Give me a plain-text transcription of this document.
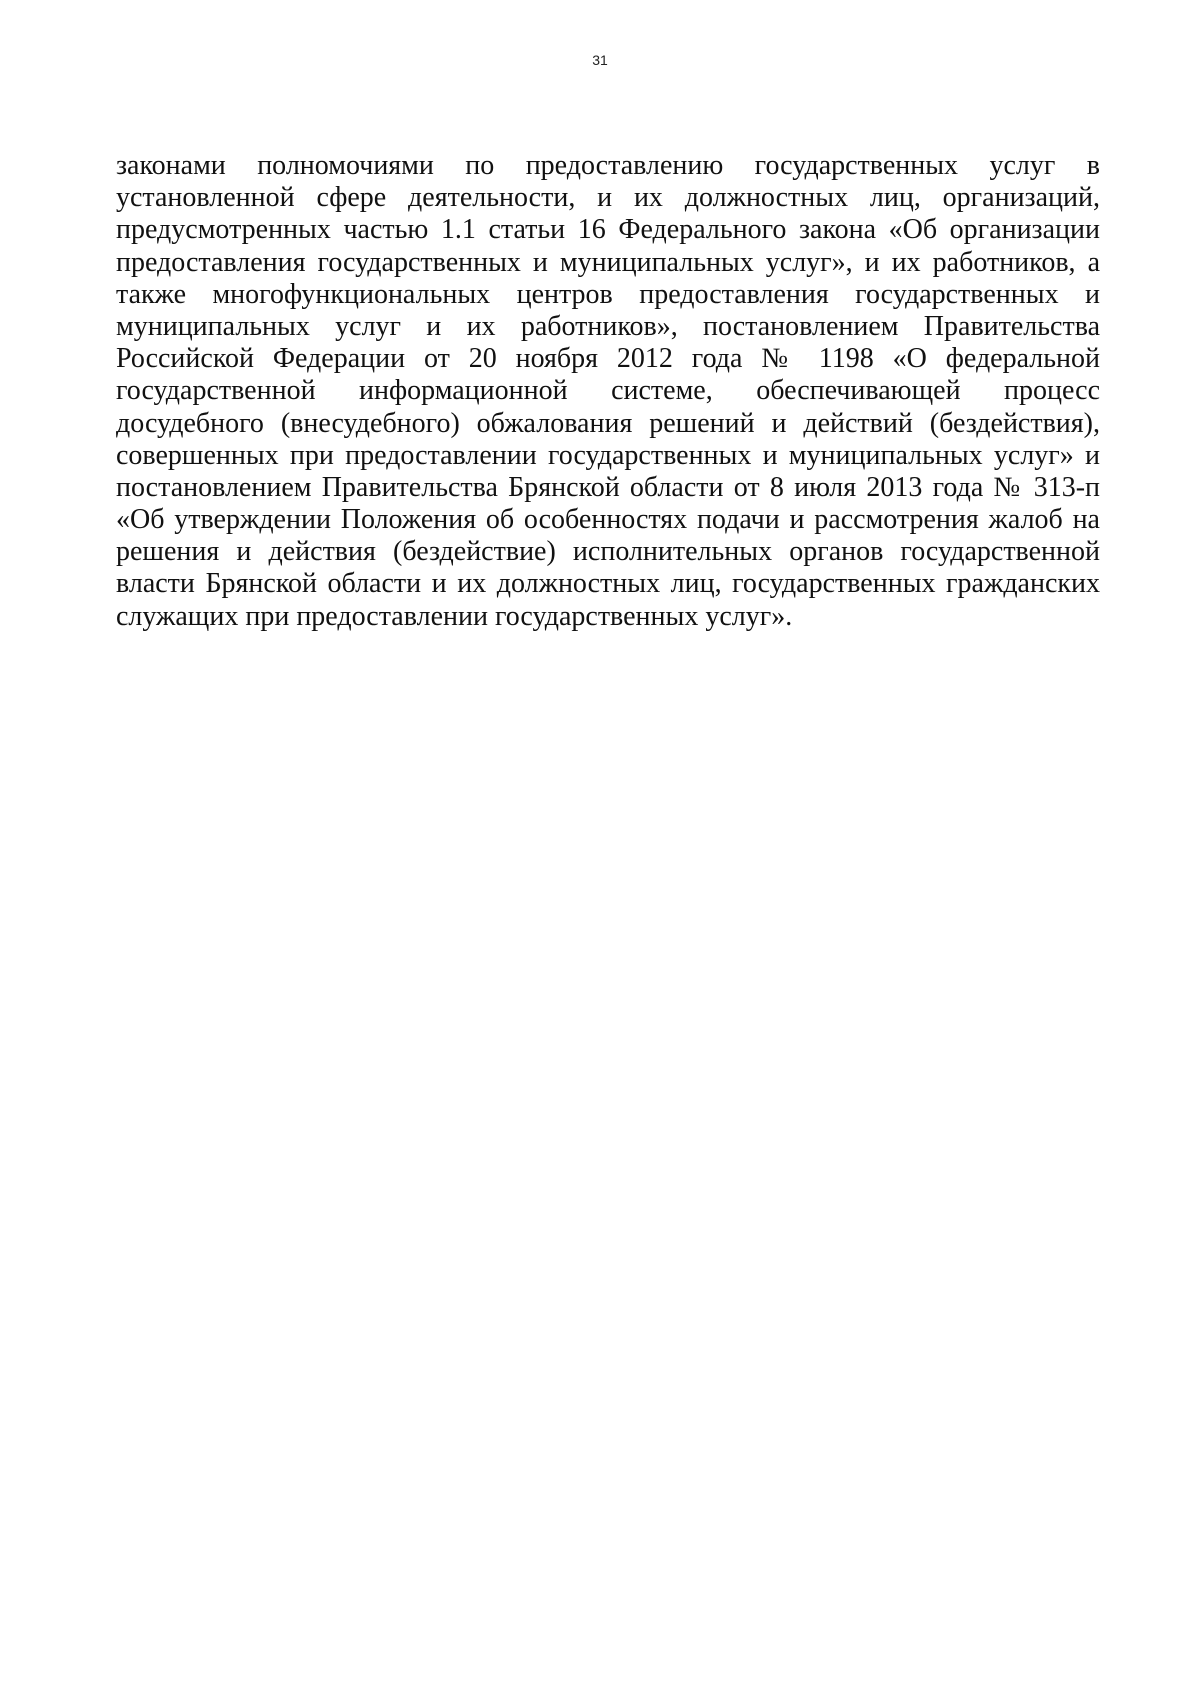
31
законами полномочиями по предоставлению государственных услуг в
установленной сфере деятельности, и их должностных лиц, организаций,
предусмотренных частью 1.1 статьи 16 Федерального закона «Об организации
предоставления государственных и муниципальных услуг», и их работников, а
также многофункциональных центров предоставления государственных и
муниципальных услуг и их работников», постановлением Правительства
Российской Федерации от 20 ноября 2012 года № 1198 «О федеральной
государственной информационной системе, обеспечивающей процесс
досудебного (внесудебного) обжалования решений и действий (бездействия),
совершенных при предоставлении государственных и муниципальных услуг» и
постановлением Правительства Брянской области от 8 июля 2013 года № 313-п
«Об утверждении Положения об особенностях подачи и рассмотрения жалоб на
решения и действия (бездействие) исполнительных органов государственной
власти Брянской области и их должностных лиц, государственных гражданских
служащих при предоставлении государственных услуг».
